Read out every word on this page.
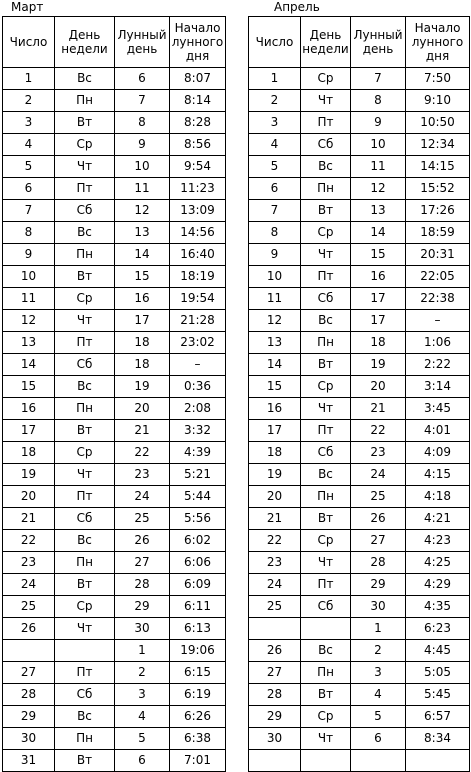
Март	Апрель
Число	День недели	Лунный день	Начало лунного дня
1	Вс	6	8:07
2	Пн	7	8:14
3	Вт	8	8:28
4	Ср	9	8:56
5	Чт	10	9:54
6	Пт	11	11:23
7	Сб	12	13:09
8	Вс	13	14:56
9	Пн	14	16:40
10	Вт	15	18:19
11	Ср	16	19:54
12	Чт	17	21:28
13	Пт	18	23:02
14	Сб	18	–
15	Вс	19	0:36
16	Пн	20	2:08
17	Вт	21	3:32
18	Ср	22	4:39
19	Чт	23	5:21
20	Пт	24	5:44
21	Сб	25	5:56
22	Вс	26	6:02
23	Пн	27	6:06
24	Вт	28	6:09
25	Ср	29	6:11
26	Чт	30	6:13
		1	19:06
27	Пт	2	6:15
28	Сб	3	6:19
29	Вс	4	6:26
30	Пн	5	6:38
31	Вт	6	7:01
Число	День недели	Лунный день	Начало лунного дня
1	Ср	7	7:50
2	Чт	8	9:10
3	Пт	9	10:50
4	Сб	10	12:34
5	Вс	11	14:15
6	Пн	12	15:52
7	Вт	13	17:26
8	Ср	14	18:59
9	Чт	15	20:31
10	Пт	16	22:05
11	Сб	17	22:38
12	Вс	17	–
13	Пн	18	1:06
14	Вт	19	2:22
15	Ср	20	3:14
16	Чт	21	3:45
17	Пт	22	4:01
18	Сб	23	4:09
19	Вс	24	4:15
20	Пн	25	4:18
21	Вт	26	4:21
22	Ср	27	4:23
23	Чт	28	4:25
24	Пт	29	4:29
25	Сб	30	4:35
		1	6:23
26	Вс	2	4:45
27	Пн	3	5:05
28	Вт	4	5:45
29	Ср	5	6:57
30	Чт	6	8:34
